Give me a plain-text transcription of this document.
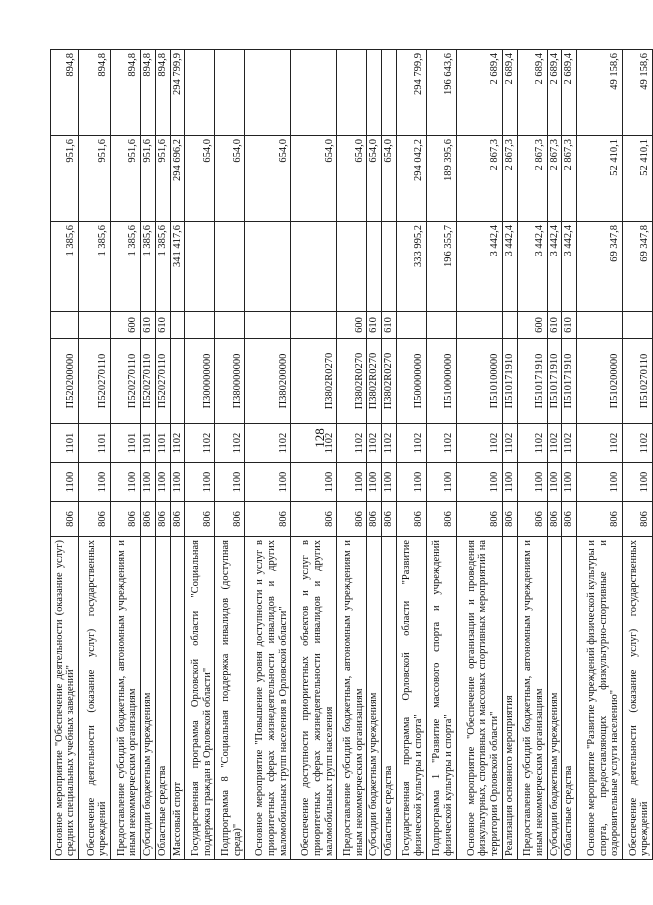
128
Основное мероприятие "Обеспечение деятельности (оказание услуг) средних специальных учебных заведений"	806	1100	1101	П520200000		1 385,6	951,6	894,8
Обеспечение деятельности (оказание услуг) государственных учреждений	806	1100	1101	П520270110		1 385,6	951,6	894,8
Предоставление субсидий бюджетным, автономным учреждениям и иным некоммерческим организациям	806	1100	1101	П520270110	600	1 385,6	951,6	894,8
Субсидии бюджетным учреждениям	806	1100	1101	П520270110	610	1 385,6	951,6	894,8
Областные средства	806	1100	1101	П520270110	610	1 385,6	951,6	894,8
Массовый спорт	806	1100	1102			341 417,6	294 696,2	294 799,9
Государственная программа Орловской области "Социальная поддержка граждан в Орловской области"	806	1100	1102	П300000000			654,0	
Подпрограмма 8 "Социальная поддержка инвалидов (доступная среда)"	806	1100	1102	П380000000			654,0	
Основное мероприятие "Повышение уровня доступности и услуг в приоритетных сферах жизнедеятельности инвалидов и других маломобильных групп населения в Орловской области"	806	1100	1102	П380200000			654,0	
Обеспечение доступности приоритетных объектов и услуг в приоритетных сферах жизнедеятельности инвалидов и других маломобильных групп населения	806	1100	1102	П3802R0270			654,0	
Предоставление субсидий бюджетным, автономным учреждениям и иным некоммерческим организациям	806	1100	1102	П3802R0270	600		654,0	
Субсидии бюджетным учреждениям	806	1100	1102	П3802R0270	610		654,0	
Областные средства	806	1100	1102	П3802R0270	610		654,0	
Государственная программа Орловской области "Развитие физической культуры и спорта"	806	1100	1102	П500000000		333 995,2	294 042,2	294 799,9
Подпрограмма 1 "Развитие массового спорта и учреждений физической культуры и спорта"	806	1100	1102	П510000000		196 355,7	189 395,6	196 643,6
Основное мероприятие "Обеспечение организации и проведения физкультурных, спортивных и массовых спортивных мероприятий на территории Орловской области"	806	1100	1102	П510100000		3 442,4	2 867,3	2 689,4
Реализация основного мероприятия	806	1100	1102	П510171910		3 442,4	2 867,3	2 689,4
Предоставление субсидий бюджетным, автономным учреждениям и иным некоммерческим организациям	806	1100	1102	П510171910	600	3 442,4	2 867,3	2 689,4
Субсидии бюджетным учреждениям	806	1100	1102	П510171910	610	3 442,4	2 867,3	2 689,4
Областные средства	806	1100	1102	П510171910	610	3 442,4	2 867,3	2 689,4
Основное мероприятие "Развитие учреждений физической культуры и спорта, предоставляющих физкультурно-спортивные и оздоровительные услуги населению"	806	1100	1102	П510200000		69 347,8	52 410,1	49 158,6
Обеспечение деятельности (оказание услуг) государственных учреждений	806	1100	1102	П510270110		69 347,8	52 410,1	49 158,6
